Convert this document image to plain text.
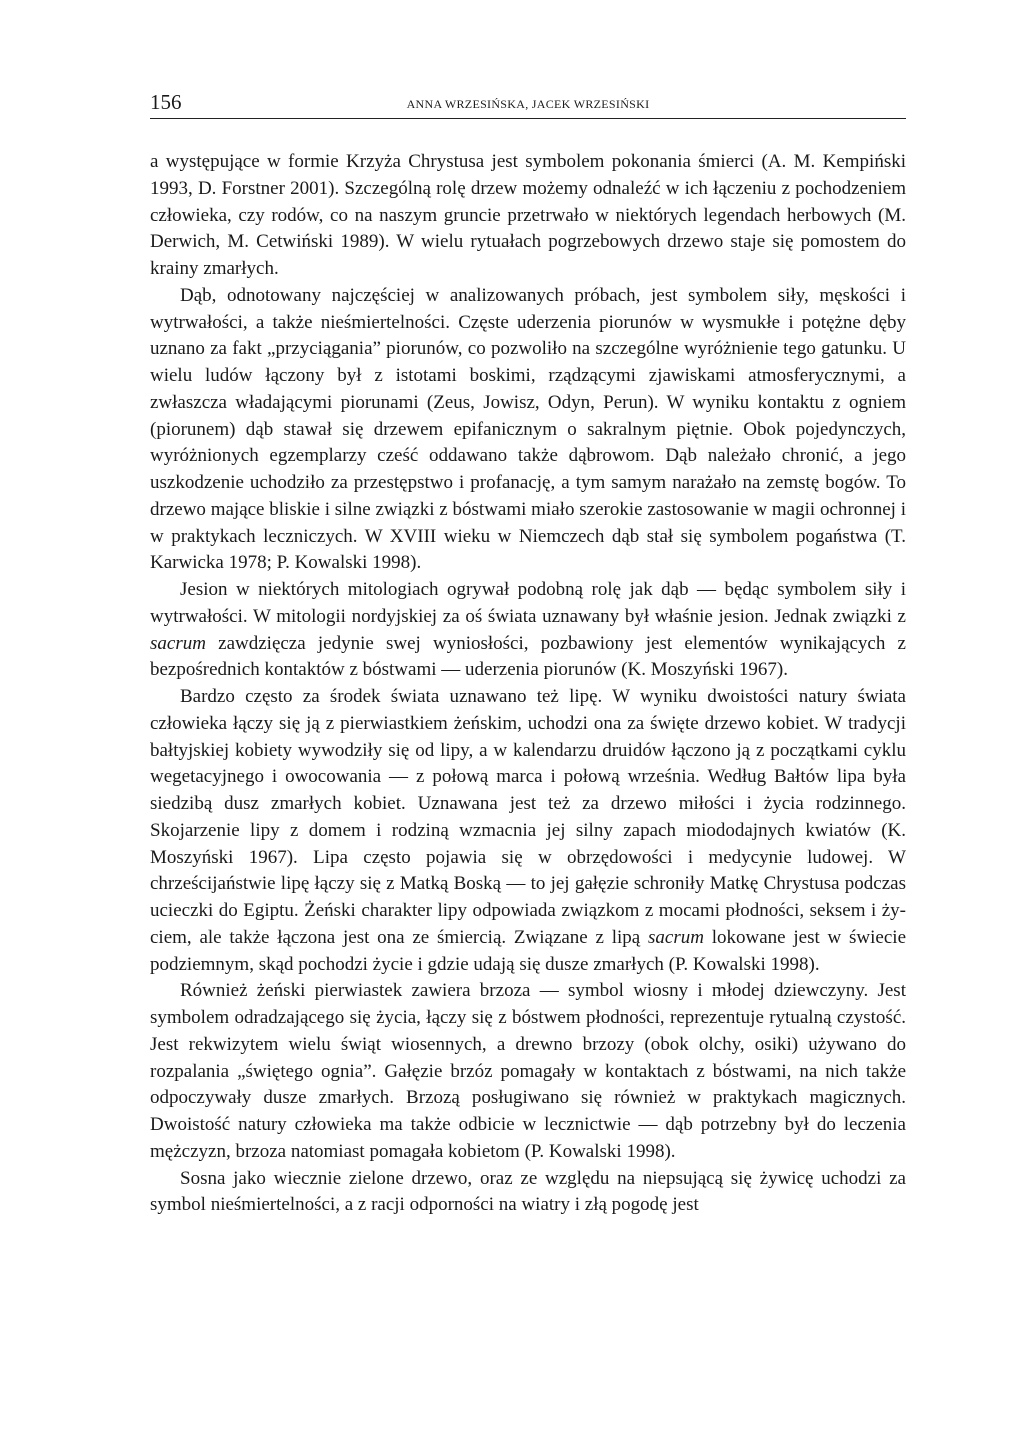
156	ANNA WRZESIŃSKA, JACEK WRZESIŃSKI

a występujące w formie Krzyża Chrystusa jest symbolem pokonania śmierci (A. M. Kempiński 1993, D. Forstner 2001). Szczególną rolę drzew możemy odnaleźć w ich łączeniu z pochodzeniem człowieka, czy rodów, co na naszym gruncie przetrwało w niektórych legendach herbowych (M. Derwich, M. Cetwiński 1989). W wielu rytuałach pogrzebowych drzewo staje się pomostem do krainy zmarłych.

Dąb, odnotowany najczęściej w analizowanych próbach, jest symbolem siły, męskości i wytrwałości, a także nieśmiertelności. Częste uderzenia piorunów w wysmukłe i potężne dęby uznano za fakt „przyciągania” piorunów, co pozwoliło na szczególne wyróżnienie tego gatunku. U wielu ludów łączony był z istotami boskimi, rządzącymi zjawiskami atmosferycznymi, a zwłaszcza władającymi piorunami (Zeus, Jowisz, Odyn, Perun). W wyniku kontaktu z ogniem (piorunem) dąb stawał się drzewem epifanicznym o sakralnym piętnie. Obok pojedynczych, wyróżnionych egzemplarzy cześć oddawano także dąbrowom. Dąb należało chronić, a jego uszkodzenie uchodziło za przestępstwo i profanację, a tym samym narażało na zemstę bogów. To drzewo mające bliskie i silne związki z bóstwami miało szerokie zastosowanie w magii ochronnej i w praktykach leczniczych. W XVIII wieku w Niemczech dąb stał się symbolem pogaństwa (T. Karwicka 1978; P. Kowalski 1998).

Jesion w niektórych mitologiach ogrywał podobną rolę jak dąb — będąc symbolem siły i wytrwałości. W mitologii nordyjskiej za oś świata uznawany był właśnie jesion. Jednak związki z sacrum zawdzięcza jedynie swej wyniosłości, pozbawiony jest elementów wynikających z bezpośrednich kontaktów z bóstwami — uderzenia piorunów (K. Moszyński 1967).

Bardzo często za środek świata uznawano też lipę. W wyniku dwoistości natury świata człowieka łączy się ją z pierwiastkiem żeńskim, uchodzi ona za święte drzewo kobiet. W tradycji bałtyjskiej kobiety wywodziły się od lipy, a w kalendarzu druidów łączono ją z początkami cyklu wegetacyjnego i owocowania — z połową marca i połową września. Według Bałtów lipa była siedzibą dusz zmarłych kobiet. Uznawana jest też za drzewo miłości i życia rodzinnego. Skojarzenie lipy z domem i rodziną wzmacnia jej silny zapach miododajnych kwiatów (K. Moszyński 1967). Lipa często pojawia się w obrzędowości i medycynie ludowej. W chrześcijaństwie lipę łączy się z Matką Boską — to jej gałęzie schroniły Matkę Chrystusa podczas ucieczki do Egiptu. Żeński charakter lipy odpowiada związkom z mocami płodności, seksem i życiem, ale także łączona jest ona ze śmiercią. Związane z lipą sacrum lokowane jest w świecie podziemnym, skąd pochodzi życie i gdzie udają się dusze zmarłych (P. Kowalski 1998).

Również żeński pierwiastek zawiera brzoza — symbol wiosny i młodej dziewczyny. Jest symbolem odradzającego się życia, łączy się z bóstwem płodności, reprezentuje rytualną czystość. Jest rekwizytem wielu świąt wiosennych, a drewno brzozy (obok olchy, osiki) używano do rozpalania „świętego ognia”. Gałęzie brzóz pomagały w kontaktach z bóstwami, na nich także odpoczywały dusze zmarłych. Brzozą posługiwano się również w praktykach magicznych. Dwoistość natury człowieka ma także odbicie w lecznictwie — dąb potrzebny był do leczenia mężczyzn, brzoza natomiast pomagała kobietom (P. Kowalski 1998).

Sosna jako wiecznie zielone drzewo, oraz ze względu na niepsującą się żywicę uchodzi za symbol nieśmiertelności, a z racji odporności na wiatry i złą pogodę jest
